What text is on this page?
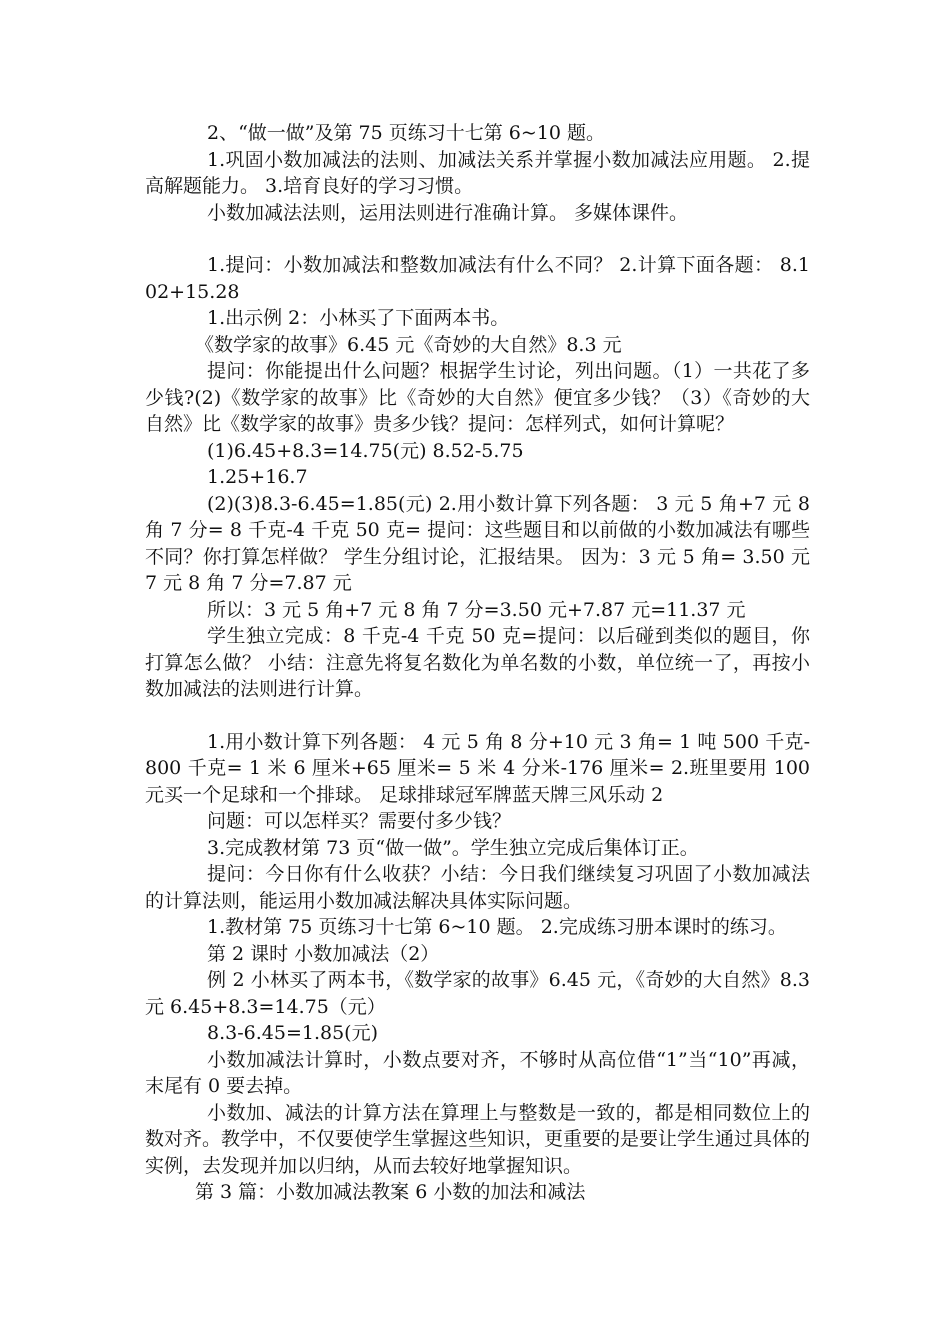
2、“做一做”及第 75 页练习十七第 6~10 题。

1.巩固小数加减法的法则、加减法关系并掌握小数加减法应用题。 2.提高解题能力。 3.培育良好的学习习惯。

小数加减法法则，运用法则进行准确计算。 多媒体课件。

1.提问：小数加减法和整数加减法有什么不同？ 2.计算下面各题： 8.102+15.28

1.出示例 2：小林买了下面两本书。

《数学家的故事》6.45 元《奇妙的大自然》8.3 元

提问：你能提出什么问题？根据学生讨论，列出问题。（1）一共花了多少钱?(2)《数学家的故事》比《奇妙的大自然》便宜多少钱？（3）《奇妙的大自然》比《数学家的故事》贵多少钱？提问：怎样列式，如何计算呢？

(1)6.45+8.3=14.75(元) 8.52-5.75

1.25+16.7

(2)(3)8.3-6.45=1.85(元) 2.用小数计算下列各题： 3 元 5 角+7 元 8 角 7 分= 8 千克-4 千克 50 克= 提问：这些题目和以前做的小数加减法有哪些不同？你打算怎样做？ 学生分组讨论，汇报结果。 因为：3 元 5 角= 3.50 元 7 元 8 角 7 分=7.87 元

所以：3 元 5 角+7 元 8 角 7 分=3.50 元+7.87 元=11.37 元

学生独立完成：8 千克-4 千克 50 克=提问：以后碰到类似的题目，你打算怎么做？ 小结：注意先将复名数化为单名数的小数，单位统一了，再按小数加减法的法则进行计算。

1.用小数计算下列各题： 4 元 5 角 8 分+10 元 3 角= 1 吨 500 千克-800 千克= 1 米 6 厘米+65 厘米= 5 米 4 分米-176 厘米= 2.班里要用 100 元买一个足球和一个排球。 足球排球冠军牌蓝天牌三风乐动 2

问题：可以怎样买？需要付多少钱？

3.完成教材第 73 页“做一做”。学生独立完成后集体订正。

提问：今日你有什么收获？小结：今日我们继续复习巩固了小数加减法的计算法则，能运用小数加减法解决具体实际问题。

1.教材第 75 页练习十七第 6~10 题。 2.完成练习册本课时的练习。

第 2 课时 小数加减法（2）

例 2 小林买了两本书，《数学家的故事》6.45 元，《奇妙的大自然》8.3 元 6.45+8.3=14.75（元）

8.3-6.45=1.85(元)

小数加减法计算时，小数点要对齐，不够时从高位借“1”当“10”再减，末尾有 0 要去掉。

小数加、减法的计算方法在算理上与整数是一致的，都是相同数位上的数对齐。教学中，不仅要使学生掌握这些知识，更重要的是要让学生通过具体的实例，去发现并加以归纳，从而去较好地掌握知识。

第 3 篇：小数加减法教案 6 小数的加法和减法
